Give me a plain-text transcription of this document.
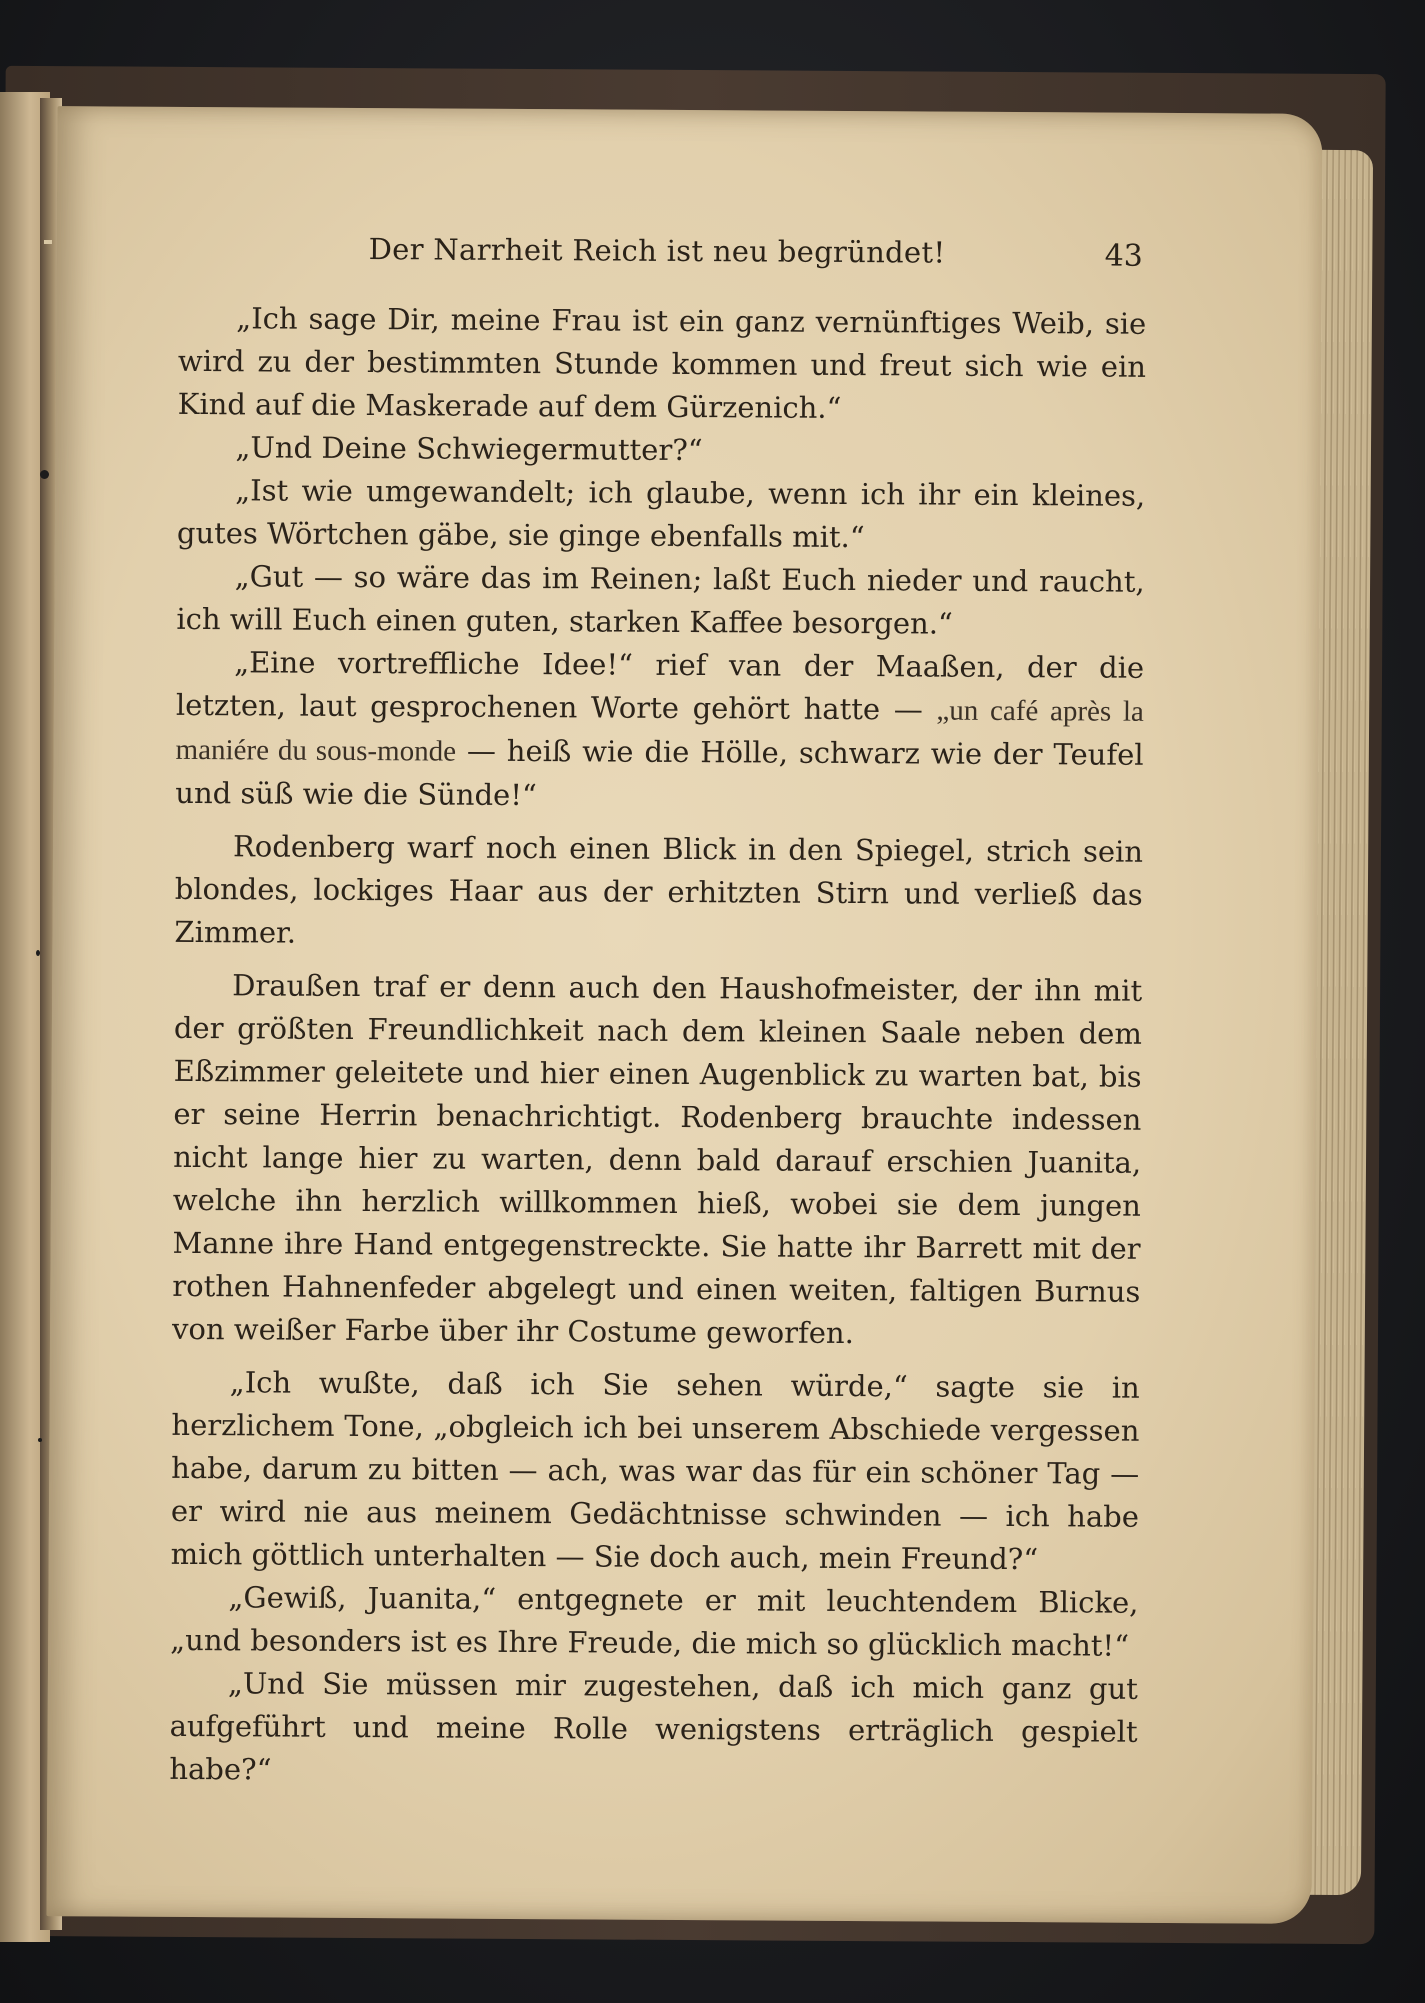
Der Narrheit Reich ist neu begründet!	43

„Ich sage Dir, meine Frau ist ein ganz vernünftiges Weib, sie wird zu der bestimmten Stunde kommen und freut sich wie ein Kind auf die Maskerade auf dem Gürzenich.“

„Und Deine Schwiegermutter?“

„Ist wie umgewandelt; ich glaube, wenn ich ihr ein kleines, gutes Wörtchen gäbe, sie ginge ebenfalls mit.“

„Gut — so wäre das im Reinen; laßt Euch nieder und raucht, ich will Euch einen guten, starken Kaffee besorgen.“

„Eine vortreffliche Idee!“ rief van der Maaßen, der die letzten, laut gesprochenen Worte gehört hatte — „un café après la maniére du sous-monde — heiß wie die Hölle, schwarz wie der Teufel und süß wie die Sünde!“

Rodenberg warf noch einen Blick in den Spiegel, strich sein blondes, lockiges Haar aus der erhitzten Stirn und verließ das Zimmer.

Draußen traf er denn auch den Haushofmeister, der ihn mit der größten Freundlichkeit nach dem kleinen Saale neben dem Eßzimmer geleitete und hier einen Augenblick zu warten bat, bis er seine Herrin benachrichtigt. Rodenberg brauchte indessen nicht lange hier zu warten, denn bald darauf erschien Juanita, welche ihn herzlich willkommen hieß, wobei sie dem jungen Manne ihre Hand entgegenstreckte. Sie hatte ihr Barrett mit der rothen Hahnenfeder abgelegt und einen weiten, faltigen Burnus von weißer Farbe über ihr Costume geworfen.

„Ich wußte, daß ich Sie sehen würde,“ sagte sie in herzlichem Tone, „obgleich ich bei unserem Abschiede vergessen habe, darum zu bitten — ach, was war das für ein schöner Tag — er wird nie aus meinem Gedächtnisse schwinden — ich habe mich göttlich unterhalten — Sie doch auch, mein Freund?“

„Gewiß, Juanita,“ entgegnete er mit leuchtendem Blicke, „und besonders ist es Ihre Freude, die mich so glücklich macht!“

„Und Sie müssen mir zugestehen, daß ich mich ganz gut aufgeführt und meine Rolle wenigstens erträglich gespielt habe?“
